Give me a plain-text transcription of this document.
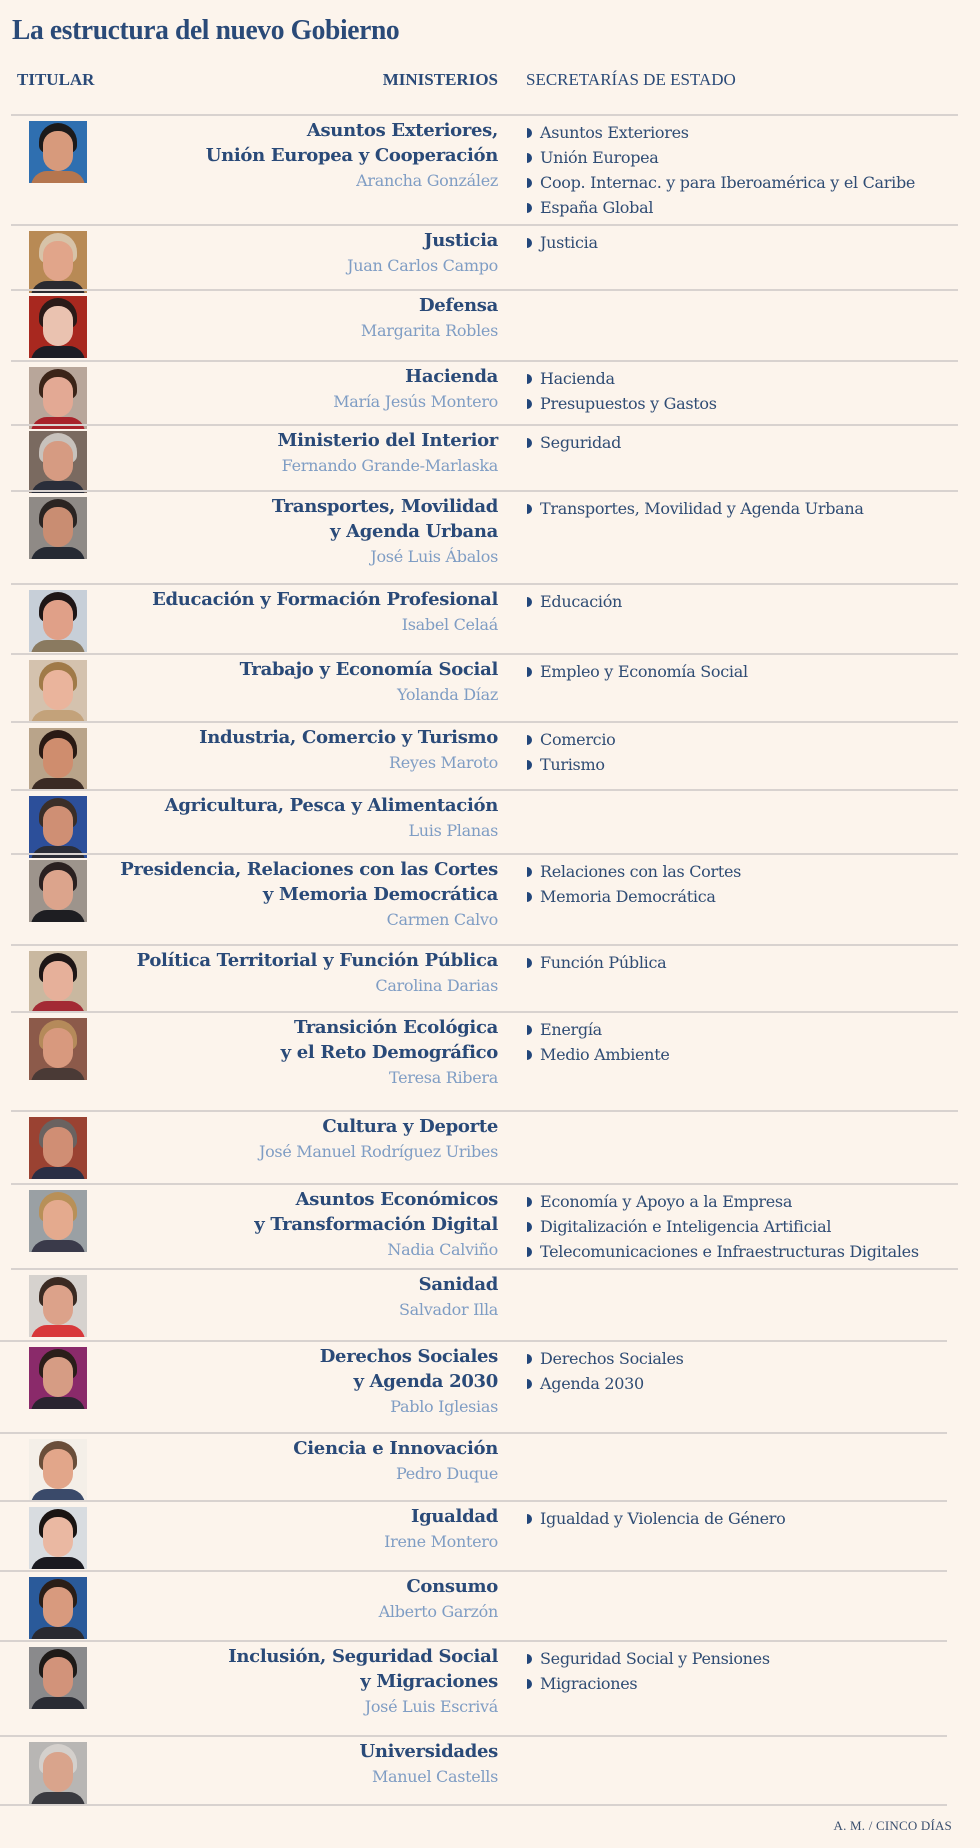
La estructura del nuevo Gobierno
TITULAR	MINISTERIOS SECRETARÍAS DE ESTADO
Asuntos Exteriores,
Unión Europea y Cooperación
Arancha González
Asuntos Exteriores
Unión Europea
Coop. Internac. y para Iberoamérica y el Caribe
España Global
Justicia
Juan Carlos Campo
Justicia
Defensa
Margarita Robles
Hacienda
María Jesús Montero
Hacienda
Presupuestos y Gastos
Ministerio del Interior
Fernando Grande-Marlaska
Seguridad
Transportes, Movilidad
y Agenda Urbana
José Luis Ábalos
Transportes, Movilidad y Agenda Urbana
Educación y Formación Profesional
Isabel Celaá
Educación
Trabajo y Economía Social
Yolanda Díaz
Empleo y Economía Social
Industria, Comercio y Turismo
Reyes Maroto
Comercio
Turismo
Agricultura, Pesca y Alimentación
Luis Planas
Presidencia, Relaciones con las Cortes
y Memoria Democrática
Carmen Calvo
Relaciones con las Cortes
Memoria Democrática
Política Territorial y Función Pública
Carolina Darias
Función Pública
Transición Ecológica
y el Reto Demográfico
Teresa Ribera
Energía
Medio Ambiente
Cultura y Deporte
José Manuel Rodríguez Uribes
Asuntos Económicos
y Transformación Digital
Nadia Calviño
Economía y Apoyo a la Empresa
Digitalización e Inteligencia Artificial
Telecomunicaciones e Infraestructuras Digitales
Sanidad
Salvador Illa
Derechos Sociales
y Agenda 2030
Pablo Iglesias
Derechos Sociales
Agenda 2030
Ciencia e Innovación
Pedro Duque
Igualdad
Irene Montero
Igualdad y Violencia de Género
Consumo
Alberto Garzón
Inclusión, Seguridad Social
y Migraciones
José Luis Escrivá
Seguridad Social y Pensiones
Migraciones
Universidades
Manuel Castells
A. M. / CINCO DÍAS
